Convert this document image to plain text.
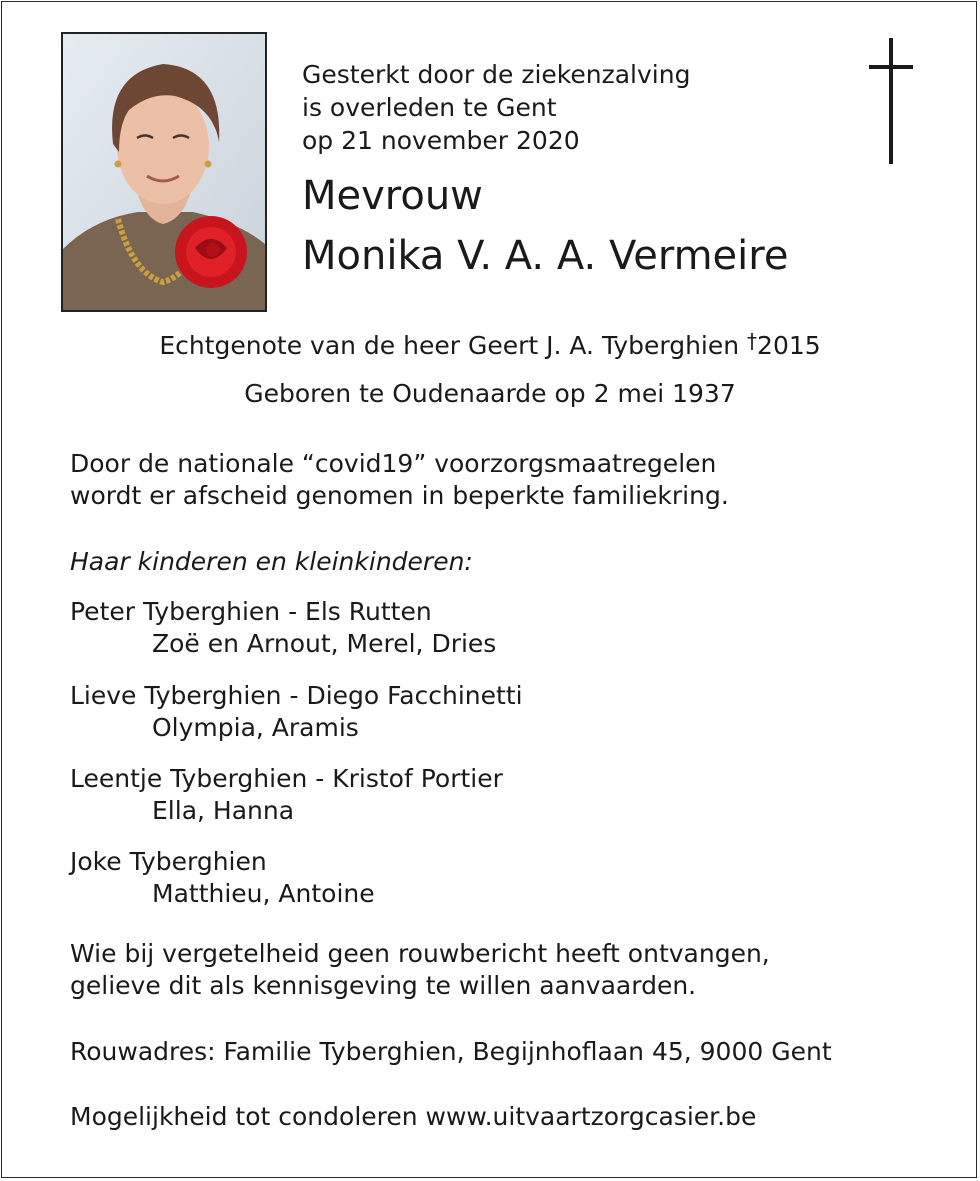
Gesterkt door de ziekenzalving
is overleden te Gent
op 21 november 2020
Mevrouw
Monika V. A. A. Vermeire
Echtgenote van de heer Geert J. A. Tyberghien †2015
Geboren te Oudenaarde op 2 mei 1937
Door de nationale “covid19” voorzorgsmaatregelen
wordt er afscheid genomen in beperkte familiekring.
Haar kinderen en kleinkinderen:
Peter Tyberghien - Els Rutten
Zoë en Arnout, Merel, Dries
Lieve Tyberghien - Diego Facchinetti
Olympia, Aramis
Leentje Tyberghien - Kristof Portier
Ella, Hanna
Joke Tyberghien
Matthieu, Antoine
Wie bij vergetelheid geen rouwbericht heeft ontvangen,
gelieve dit als kennisgeving te willen aanvaarden.
Rouwadres: Familie Tyberghien, Begijnhoflaan 45, 9000 Gent
Mogelijkheid tot condoleren www.uitvaartzorgcasier.be
